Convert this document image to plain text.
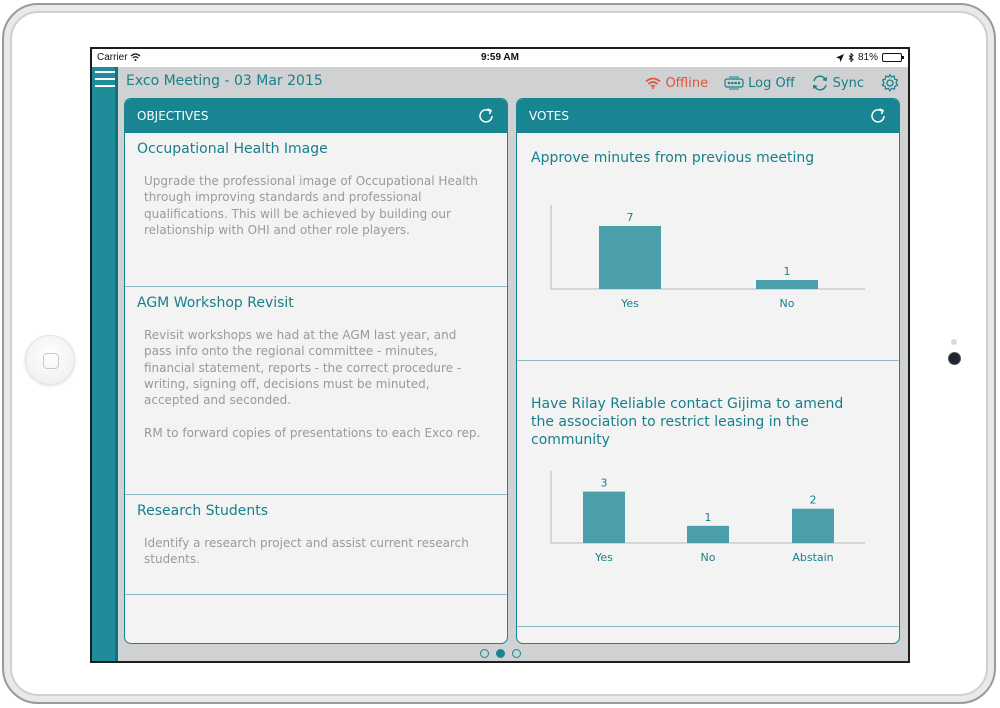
Carrier	9:59 AM	81%
Exco Meeting - 03 Mar 2015	Offline	Log Off	Sync
OBJECTIVES
Occupational Health Image
Upgrade the professional image of Occupational Health through improving standards and professional qualifications. This will be achieved by building our relationship with OHI and other role players.
AGM Workshop Revisit
Revisit workshops we had at the AGM last year, and pass info onto the regional committee - minutes, financial statement, reports - the correct procedure - writing, signing off, decisions must be minuted, accepted and seconded.

RM to forward copies of presentations to each Exco rep.
Research Students
Identify a research project and assist current research students.
VOTES
Approve minutes from previous meeting
7
Yes
1
No
Have Rilay Reliable contact Gijima to amend the association to restrict leasing in the community
3
Yes
1
No
2
Abstain
